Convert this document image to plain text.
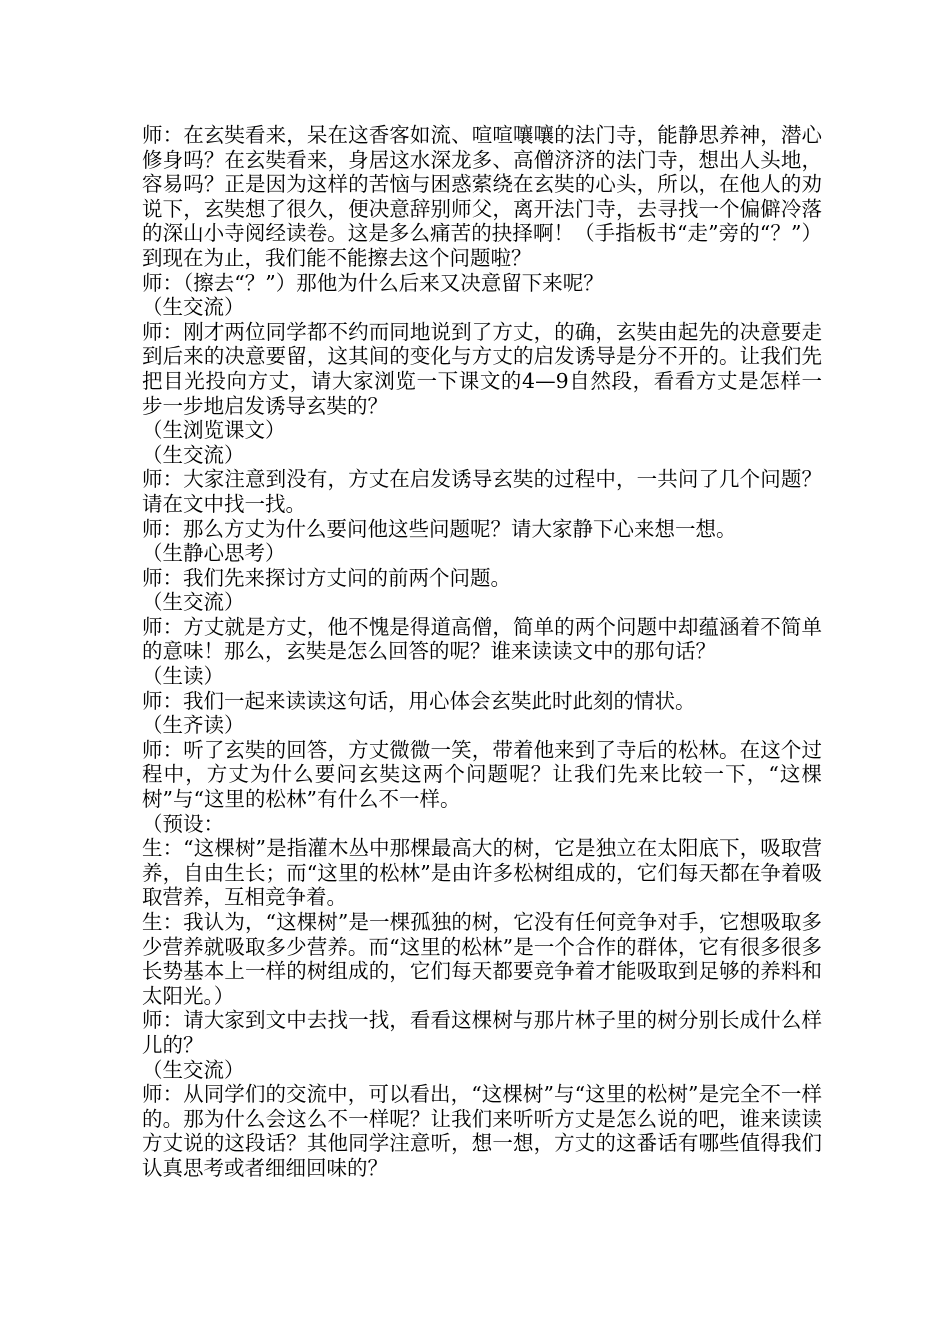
师：在玄奘看来，呆在这香客如流、喧喧嚷嚷的法门寺，能静思养神，潜心修身吗？在玄奘看来，身居这水深龙多、高僧济济的法门寺，想出人头地，容易吗？正是因为这样的苦恼与困惑萦绕在玄奘的心头，所以，在他人的劝说下，玄奘想了很久，便决意辞别师父，离开法门寺，去寻找一个偏僻冷落的深山小寺阅经读卷。这是多么痛苦的抉择啊！（手指板书“走”旁的“？”）到现在为止，我们能不能擦去这个问题啦？

师：（擦去“？”）那他为什么后来又决意留下来呢？

（生交流）

师：刚才两位同学都不约而同地说到了方丈，的确，玄奘由起先的决意要走到后来的决意要留，这其间的变化与方丈的启发诱导是分不开的。让我们先把目光投向方丈，请大家浏览一下课文的4—9自然段，看看方丈是怎样一步一步地启发诱导玄奘的？

（生浏览课文）

（生交流）

师：大家注意到没有，方丈在启发诱导玄奘的过程中，一共问了几个问题？请在文中找一找。

师：那么方丈为什么要问他这些问题呢？请大家静下心来想一想。

（生静心思考）

师：我们先来探讨方丈问的前两个问题。

（生交流）

师：方丈就是方丈，他不愧是得道高僧，简单的两个问题中却蕴涵着不简单的意味！那么，玄奘是怎么回答的呢？谁来读读文中的那句话？

（生读）

师：我们一起来读读这句话，用心体会玄奘此时此刻的情状。

（生齐读）

师：听了玄奘的回答，方丈微微一笑，带着他来到了寺后的松林。在这个过程中，方丈为什么要问玄奘这两个问题呢？让我们先来比较一下，“这棵树”与“这里的松林”有什么不一样。

（预设：

生：“这棵树”是指灌木丛中那棵最高大的树，它是独立在太阳底下，吸取营养，自由生长；而“这里的松林”是由许多松树组成的，它们每天都在争着吸取营养，互相竞争着。

生：我认为，“这棵树”是一棵孤独的树，它没有任何竞争对手，它想吸取多少营养就吸取多少营养。而“这里的松林”是一个合作的群体，它有很多很多长势基本上一样的树组成的，它们每天都要竞争着才能吸取到足够的养料和太阳光。）

师：请大家到文中去找一找，看看这棵树与那片林子里的树分别长成什么样儿的？

（生交流）

师：从同学们的交流中，可以看出，“这棵树”与“这里的松树”是完全不一样的。那为什么会这么不一样呢？让我们来听听方丈是怎么说的吧，谁来读读方丈说的这段话？其他同学注意听，想一想，方丈的这番话有哪些值得我们认真思考或者细细回味的？
